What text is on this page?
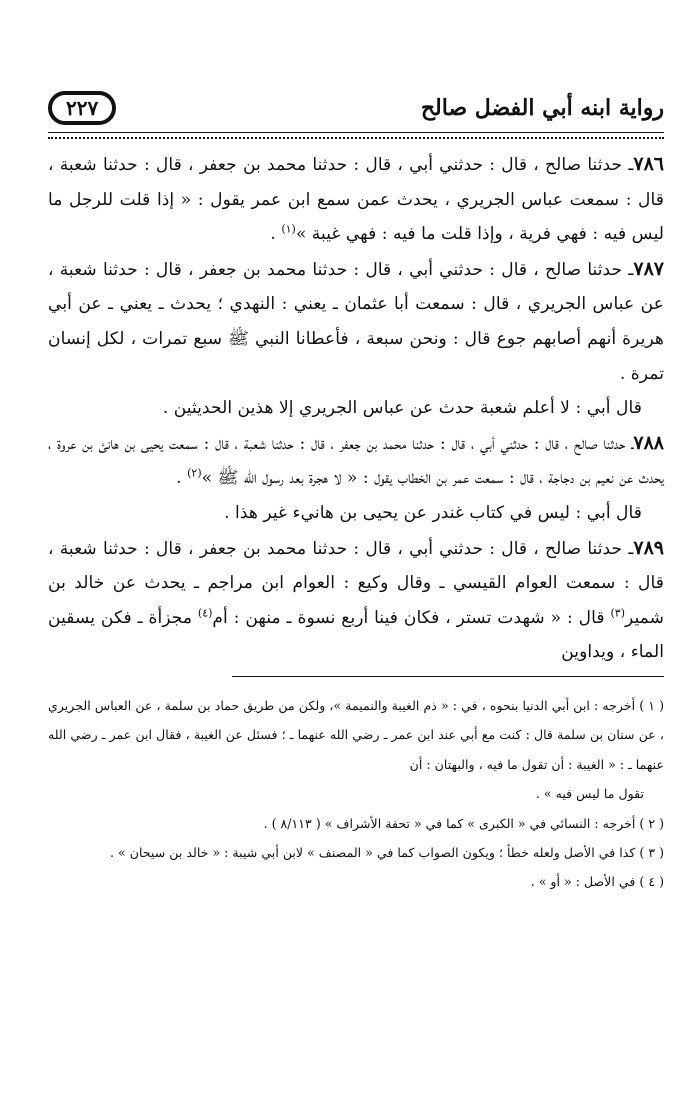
رواية ابنه أبي الفضل صالح
٢٢٧

٧٨٦ـ حدثنا صالح ، قال : حدثني أبي ، قال : حدثنا محمد بن جعفر ، قال : حدثنا شعبة ، قال : سمعت عباس الجريري ، يحدث عمن سمع ابن عمر يقول : « إذا قلت للرجل ما ليس فيه : فهي فرية ، وإذا قلت ما فيه : فهي غيبة »$^{(١)}$ .

٧٨٧ـ حدثنا صالح ، قال : حدثني أبي ، قال : حدثنا محمد بن جعفر ، قال : حدثنا شعبة ، عن عباس الجريري ، قال : سمعت أبا عثمان ـ يعني : النهدي ؛ يحدث ـ يعني ـ عن أبي هريرة أنهم أصابهم جوع قال : ونحن سبعة ، فأعطانا النبي ﷺ سبع تمرات ، لكل إنسان تمرة .

قال أبي : لا أعلم شعبة حدث عن عباس الجريري إلا هذين الحديثين .

٧٨٨ـ حدثنا صالح ، قال : حدثني أبي ، قال : حدثنا محمد بن جعفر ، قال : حدثنا شعبة ، قال : سمعت يحيى بن هانئ بن عروة ، يحدث عن نعيم بن دجاجة ، قال : سمعت عمر بن الخطاب يقول : « لا هجرة بعد رسول الله ﷺ »$^{(٢)}$ .

قال أبي : ليس في كتاب غندر عن يحيى بن هانيء غير هذا .

٧٨٩ـ حدثنا صالح ، قال : حدثني أبي ، قال : حدثنا محمد بن جعفر ، قال : حدثنا شعبة ، قال : سمعت العوام القيسي ـ وقال وكيع : العوام ابن مراجم ـ يحدث عن خالد بن شمير$^{(٣)}$ قال : « شهدت تستر ، فكان فينا أربع نسوة ـ منهن : أم$^{(٤)}$ مجزأة ـ فكن يسقين الماء ، ويداوين

( ١ ) أخرجه : ابن أبي الدنيا بنحوه ، في : « ذم الغيبة والنميمة »، ولكن من طريق حماد بن سلمة ، عن العباس الجريري ، عن سنان بن سلمة قال : كنت مع أبي عند ابن عمر ـ رضي الله عنهما ـ ؛ فسئل عن الغيبة ، فقال ابن عمر ـ رضي الله عنهما ـ : « الغيبة : أن تقول ما فيه ، والبهتان : أن

تقول ما ليس فيه » .

( ٢ ) أخرجه : النسائي في « الكبرى » كما في « تحفة الأشراف » ( ٨/١١٣ ) .

( ٣ ) كذا في الأصل ولعله خطأ ؛ ويكون الصواب كما في « المصنف » لابن أبي شيبة : « خالد بن سيحان » .

( ٤ ) في الأصل : « أو » .
